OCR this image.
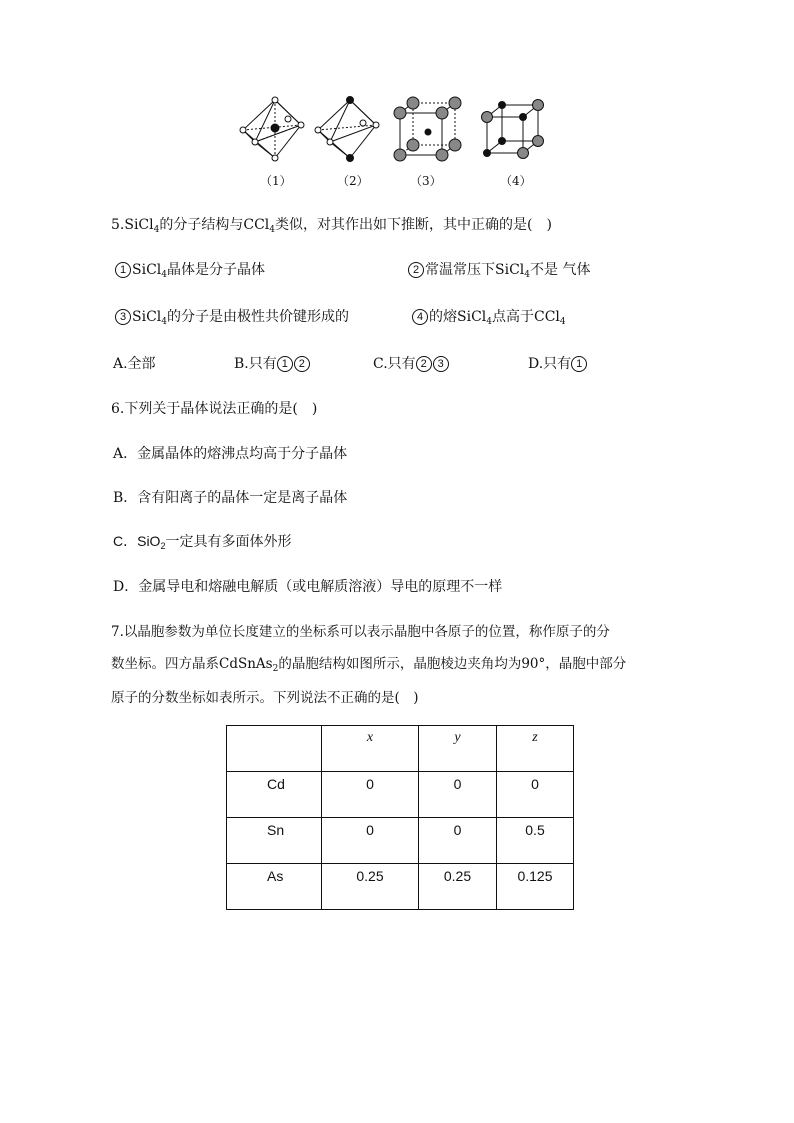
（1）	（2）	（3）	（4）
5.SiCl$_4$的分子结构与CCl$_4$类似，对其作出如下推断，其中正确的是(　)
1 SiCl$_4$晶体是分子晶体	2 常温常压下SiCl$_4$不是 气体
3 SiCl$_4$的分子是由极性共价键形成的	4 的熔SiCl$_4$点高于CCl$_4$
A.全部	B.只有 1 2	C.只有 2 3	D.只有 1
6.下列关于晶体说法正确的是(　)
A．金属晶体的熔沸点均高于分子晶体
B．含有阳离子的晶体一定是离子晶体
C．SiO$_2$一定具有多面体外形
D．金属导电和熔融电解质（或电解质溶液）导电的原理不一样
7.以晶胞参数为单位长度建立的坐标系可以表示晶胞中各原子的位置，称作原子的分
数坐标。四方晶系CdSnAs$_2$的晶胞结构如图所示，晶胞棱边夹角均为90°，晶胞中部分
原子的分数坐标如表所示。下列说法不正确的是(　)
	x	y	z
Cd	0	0	0
Sn	0	0	0.5
As	0.25	0.25	0.125
